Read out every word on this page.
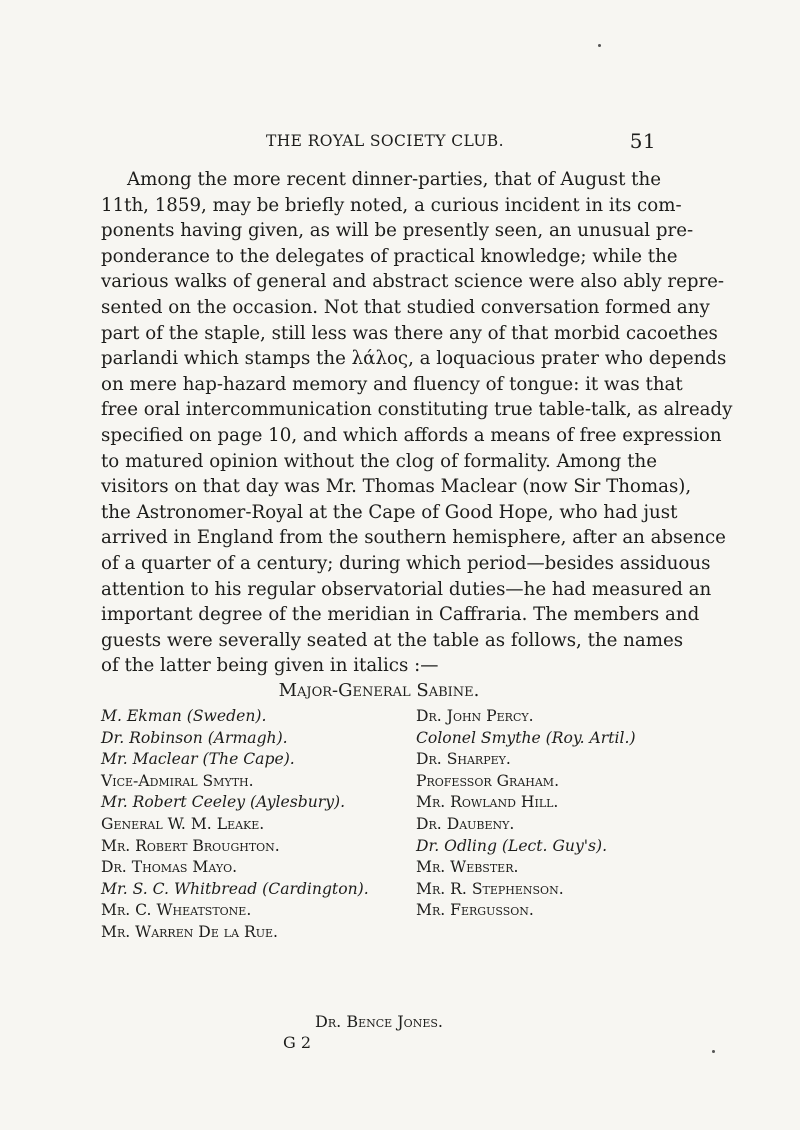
THE ROYAL SOCIETY CLUB.	51
Among the more recent dinner-parties, that of August the
11th, 1859, may be briefly noted, a curious incident in its com-
ponents having given, as will be presently seen, an unusual pre-
ponderance to the delegates of practical knowledge; while the
various walks of general and abstract science were also ably repre-
sented on the occasion. Not that studied conversation formed any
part of the staple, still less was there any of that morbid cacoethes
parlandi which stamps the λάλος, a loquacious prater who depends
on mere hap-hazard memory and fluency of tongue: it was that
free oral intercommunication constituting true table-talk, as already
specified on page 10, and which affords a means of free expression
to matured opinion without the clog of formality. Among the
visitors on that day was Mr. Thomas Maclear (now Sir Thomas),
the Astronomer-Royal at the Cape of Good Hope, who had just
arrived in England from the southern hemisphere, after an absence
of a quarter of a century; during which period—besides assiduous
attention to his regular observatorial duties—he had measured an
important degree of the meridian in Caffraria. The members and
guests were severally seated at the table as follows, the names
of the latter being given in italics :—
Major-General Sabine.
M. Ekman (Sweden).
Dr. Robinson (Armagh).
Mr. Maclear (The Cape).
Vice-Admiral Smyth.
Mr. Robert Ceeley (Aylesbury).
General W. M. Leake.
Mr. Robert Broughton.
Dr. Thomas Mayo.
Mr. S. C. Whitbread (Cardington).
Mr. C. Wheatstone.
Mr. Warren De la Rue.
Dr. John Percy.
Colonel Smythe (Roy. Artil.)
Dr. Sharpey.
Professor Graham.
Mr. Rowland Hill.
Dr. Daubeny.
Dr. Odling (Lect. Guy's).
Mr. Webster.
Mr. R. Stephenson.
Mr. Fergusson.
Dr. Bence Jones.
G 2
